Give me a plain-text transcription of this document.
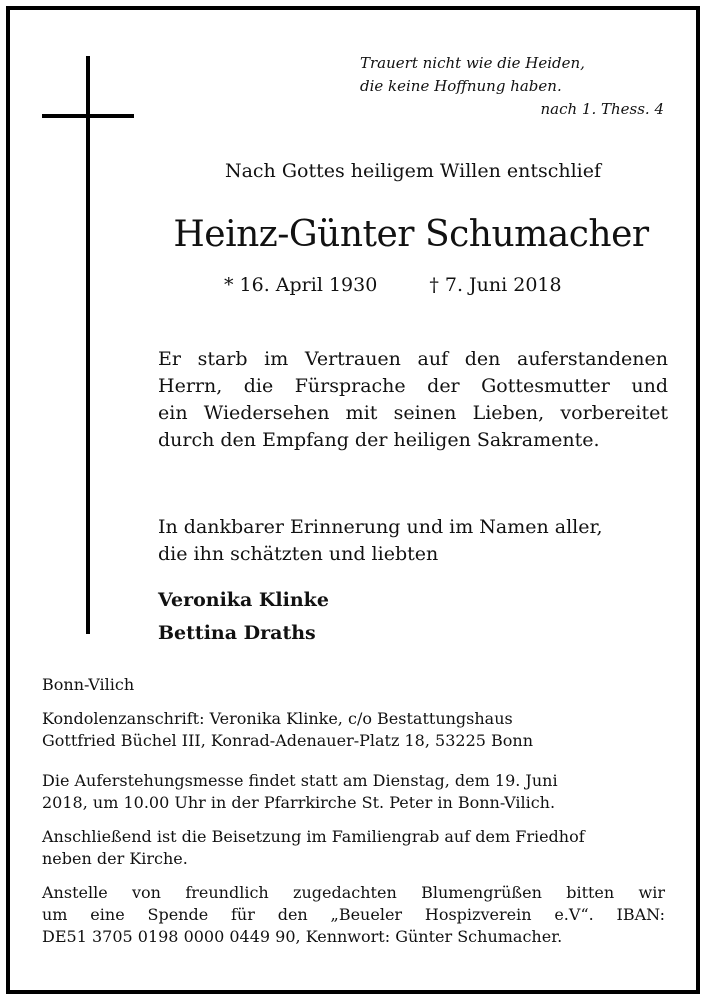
Trauert nicht wie die Heiden,
die keine Hoffnung haben.
nach 1. Thess. 4
Nach Gottes heiligem Willen entschlief
Heinz-Günter Schumacher
* 16. April 1930	† 7. Juni 2018
Er starb im Vertrauen auf den auferstandenen
Herrn, die Fürsprache der Gottesmutter und
ein Wiedersehen mit seinen Lieben, vorbereitet
durch den Empfang der heiligen Sakramente.
In dankbarer Erinnerung und im Namen aller,
die ihn schätzten und liebten
Veronika Klinke
Bettina Draths
Bonn-Vilich
Kondolenzanschrift: Veronika Klinke, c/o Bestattungshaus
Gottfried Büchel III, Konrad-Adenauer-Platz 18, 53225 Bonn
Die Auferstehungsmesse findet statt am Dienstag, dem 19. Juni
2018, um 10.00 Uhr in der Pfarrkirche St. Peter in Bonn-Vilich.
Anschließend ist die Beisetzung im Familiengrab auf dem Friedhof
neben der Kirche.
Anstelle von freundlich zugedachten Blumengrüßen bitten wir
um eine Spende für den „Beueler Hospizverein e.V“. IBAN:
DE51 3705 0198 0000 0449 90, Kennwort: Günter Schumacher.
